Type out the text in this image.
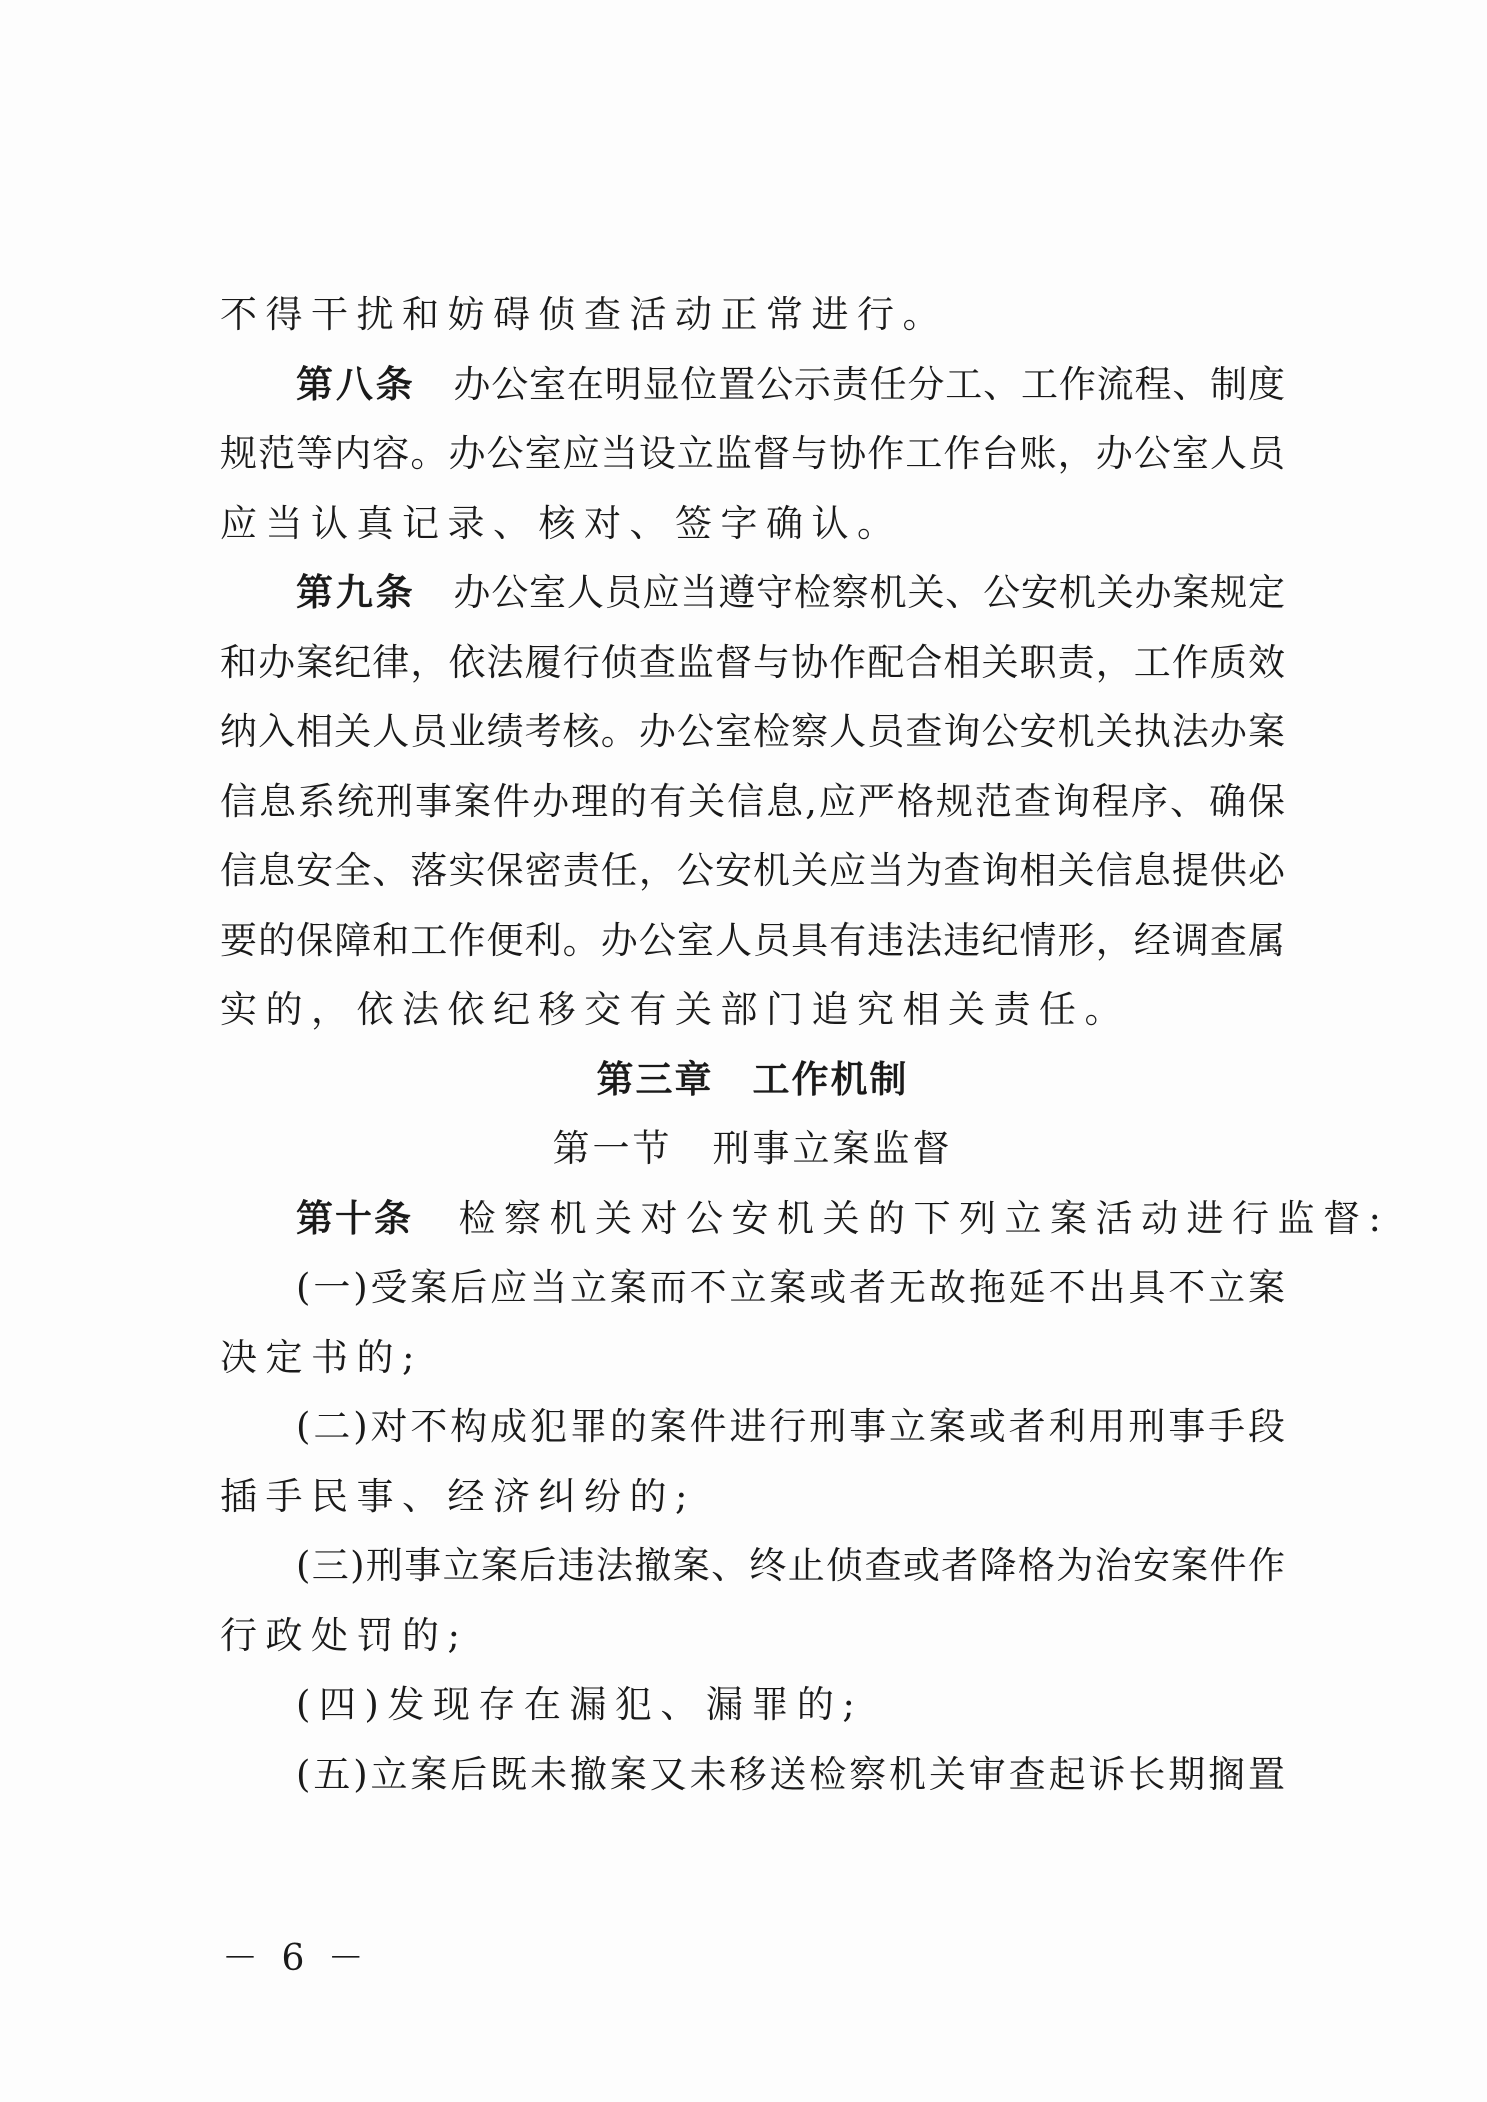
不得干扰和妨碍侦查活动正常进行。
第八条　 办公室在明显位置公示责任分工、工作流程、制度
规范等内容。办公室应当设立监督与协作工作台账，办公室人员
应当认真记录、核对、签字确认。
第九条　 办公室人员应当遵守检察机关、公安机关办案规定
和办案纪律，依法履行侦查监督与协作配合相关职责，工作质效
纳入相关人员业绩考核。办公室检察人员查询公安机关执法办案
信息系统刑事案件办理的有关信息,应严格规范查询程序、确保
信息安全、落实保密责任，公安机关应当为查询相关信息提供必
要的保障和工作便利。办公室人员具有违法违纪情形，经调查属
实的，依法依纪移交有关部门追究相关责任。
第三章　工作机制
第一节　刑事立案监督
第十条　 检察机关对公安机关的下列立案活动进行监督:
(一)受案后应当立案而不立案或者无故拖延不出具不立案
决定书的;
(二)对不构成犯罪的案件进行刑事立案或者利用刑事手段
插手民事、经济纠纷的;
(三)刑事立案后违法撤案、终止侦查或者降格为治安案件作
行政处罚的;
(四)发现存在漏犯、漏罪的;
(五)立案后既未撤案又未移送检察机关审查起诉长期搁置
－ 6 －
